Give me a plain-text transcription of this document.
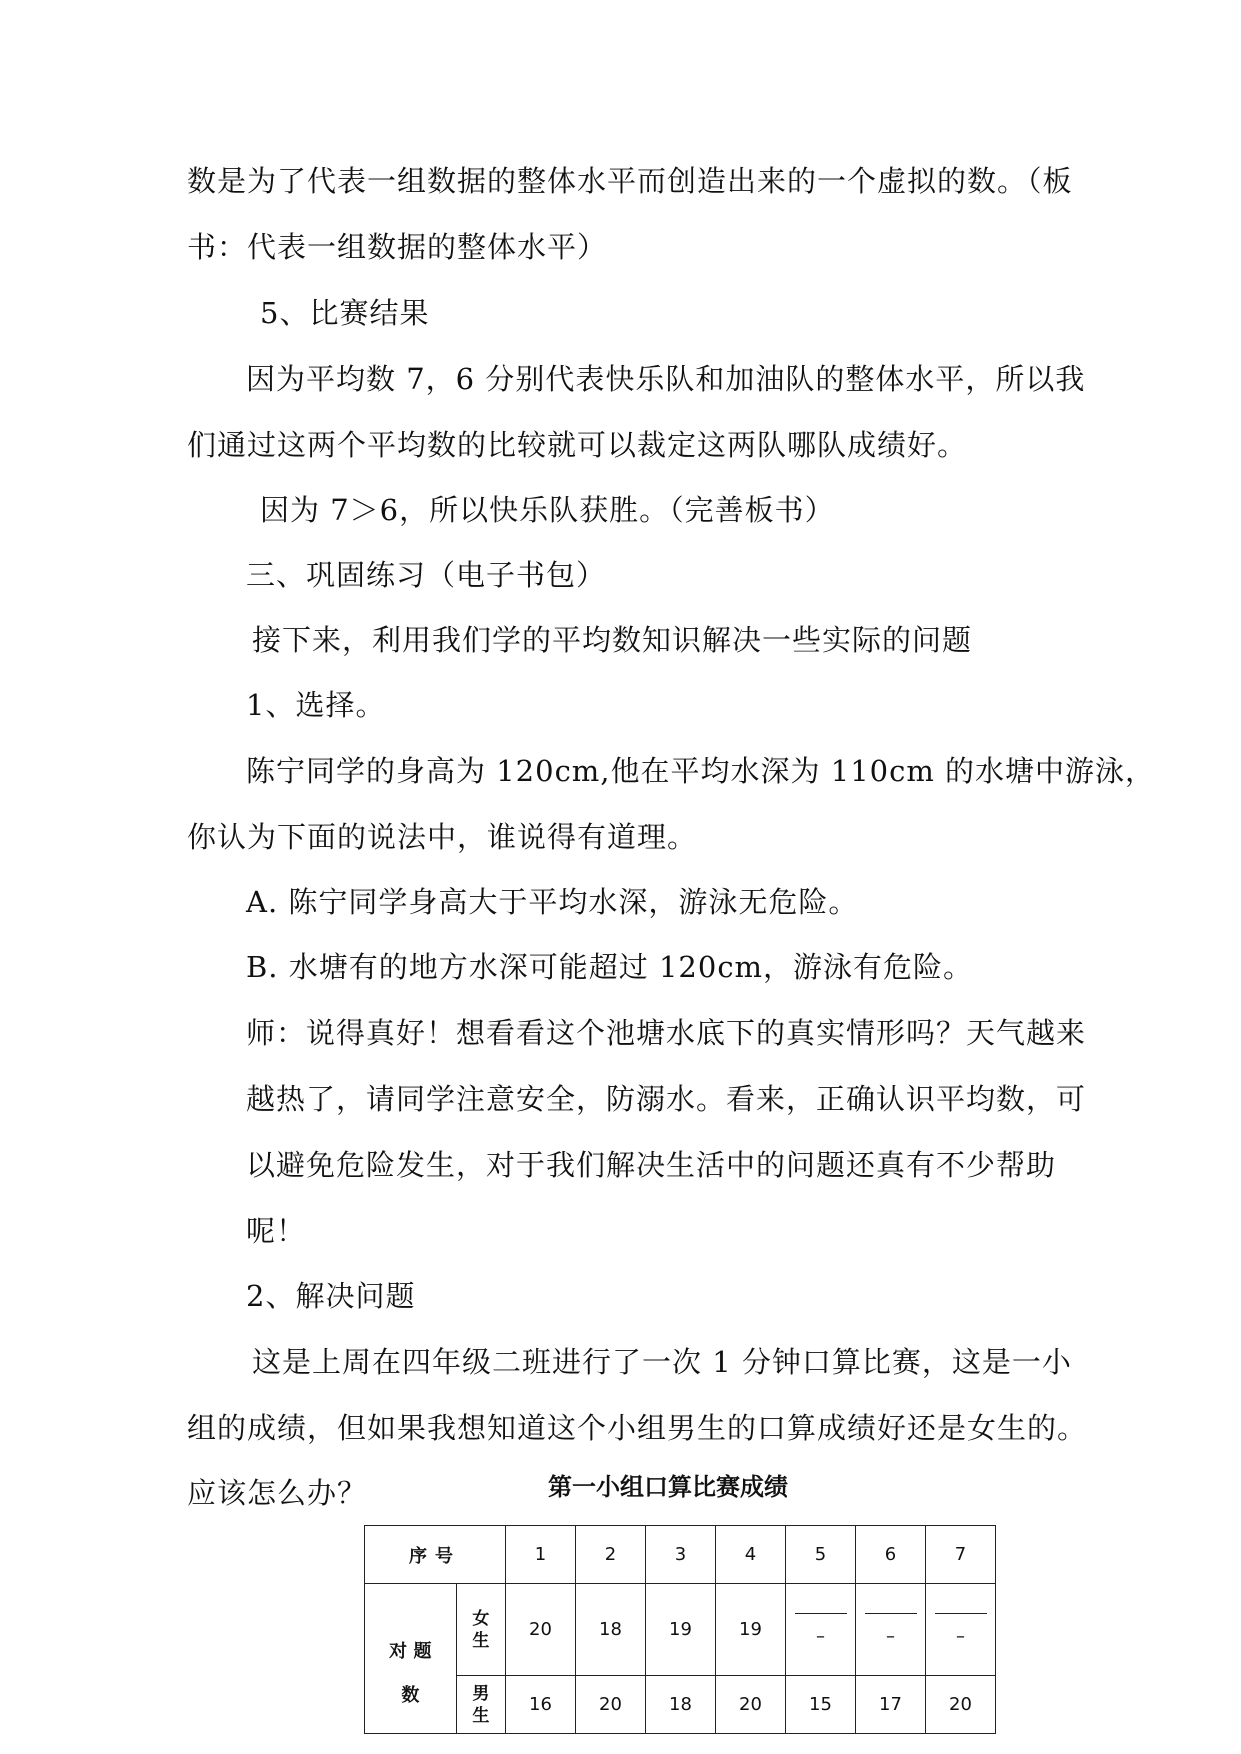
数是为了代表一组数据的整体水平而创造出来的一个虚拟的数。（板
书：代表一组数据的整体水平）
5、比赛结果
因为平均数 7，6 分别代表快乐队和加油队的整体水平，所以我
们通过这两个平均数的比较就可以裁定这两队哪队成绩好。
因为 7＞6，所以快乐队获胜。（完善板书）
三、巩固练习（电子书包）
接下来，利用我们学的平均数知识解决一些实际的问题
1、选择。
陈宁同学的身高为 120cm,他在平均水深为 110cm 的水塘中游泳，
你认为下面的说法中，谁说得有道理。
A. 陈宁同学身高大于平均水深，游泳无危险。
B. 水塘有的地方水深可能超过 120cm，游泳有危险。
师：说得真好！想看看这个池塘水底下的真实情形吗？天气越来
越热了，请同学注意安全，防溺水。看来，正确认识平均数，可
以避免危险发生，对于我们解决生活中的问题还真有不少帮助
呢！
2、解决问题
这是上周在四年级二班进行了一次 1 分钟口算比赛，这是一小
组的成绩，但如果我想知道这个小组男生的口算成绩好还是女生的。
应该怎么办？	第一小组口算比赛成绩
序号		1	2	3	4	5	6	7
对 题

数	女生	20	18	19	19	–	–	–
	男生	16	20	18	20	15	17	20
